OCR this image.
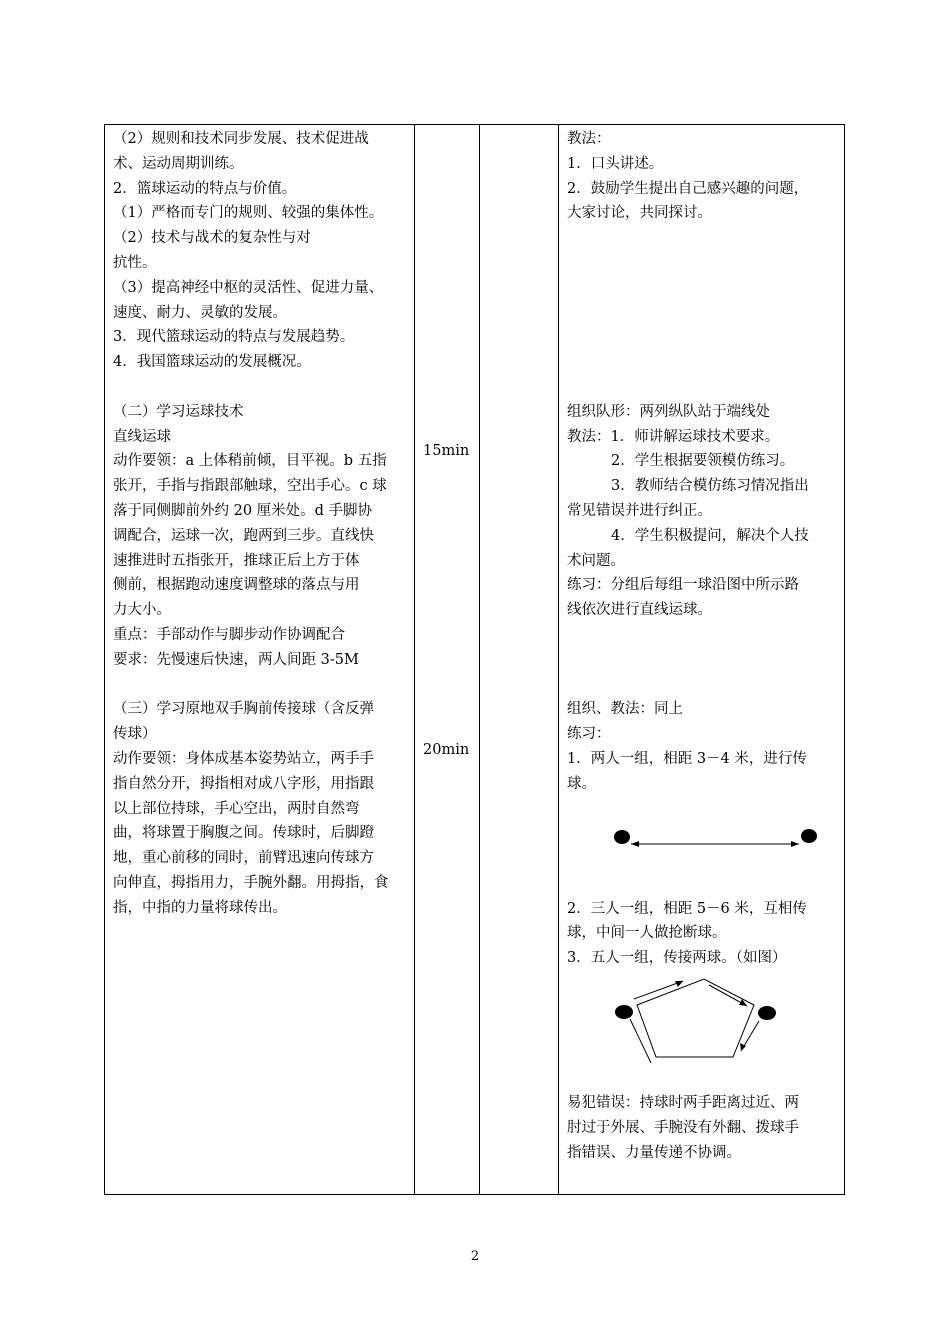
（2）规则和技术同步发展、技术促进战
术、运动周期训练。
2．篮球运动的特点与价值。
（1）严格而专门的规则、较强的集体性。
（2）技术与战术的复杂性与对
抗性。
（3）提高神经中枢的灵活性、促进力量、
速度、耐力、灵敏的发展。
3．现代篮球运动的特点与发展趋势。
4．我国篮球运动的发展概况。
（二）学习运球技术
直线运球
动作要领：a 上体稍前倾，目平视。b 五指
张开，手指与指跟部触球，空出手心。c 球
落于同侧脚前外约 20 厘米处。d 手脚协
调配合，运球一次，跑两到三步。直线快
速推进时五指张开，推球正后上方于体
侧前，根据跑动速度调整球的落点与用
力大小。
重点：手部动作与脚步动作协调配合
要求：先慢速后快速，两人间距 3-5M
（三）学习原地双手胸前传接球（含反弹
传球）
动作要领：身体成基本姿势站立，两手手
指自然分开，拇指相对成八字形，用指跟
以上部位持球，手心空出，两肘自然弯
曲，将球置于胸腹之间。传球时，后脚蹬
地，重心前移的同时，前臂迅速向传球方
向伸直，拇指用力，手腕外翻。用拇指，食
指，中指的力量将球传出。
15min
20min
教法：
1．口头讲述。
2．鼓励学生提出自己感兴趣的问题，
大家讨论，共同探讨。
组织队形：两列纵队站于端线处
教法：1．师讲解运球技术要求。
2．学生根据要领模仿练习。
3．教师结合模仿练习情况指出
常见错误并进行纠正。
4．学生积极提问，解决个人技
术问题。
练习：分组后每组一球沿图中所示路
线依次进行直线运球。
组织、教法：同上
练习：
1．两人一组，相距 3－4 米，进行传
球。
2．三人一组，相距 5－6 米，互相传
球，中间一人做抢断球。
3．五人一组，传接两球。（如图）
易犯错误：持球时两手距离过近、两
肘过于外展、手腕没有外翻、拨球手
指错误、力量传递不协调。
2
